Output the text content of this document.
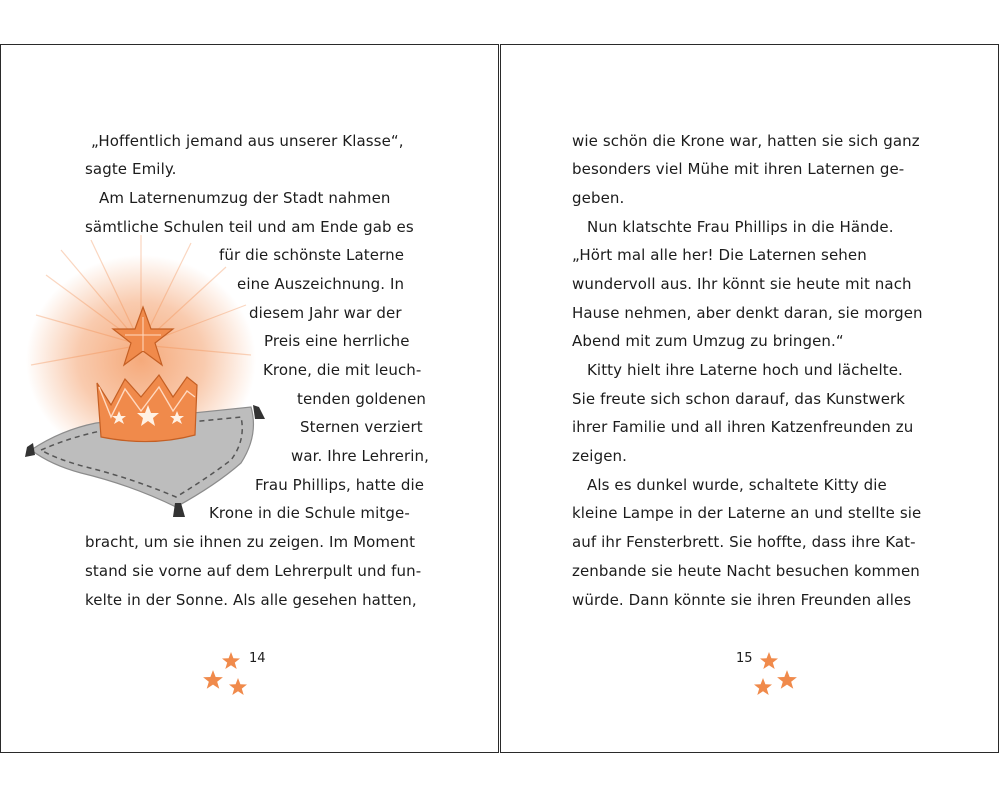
„Hoffentlich jemand aus unserer Klasse“,
sagte Emily.
Am Laternenumzug der Stadt nahmen
sämtliche Schulen teil und am Ende gab es
für die schönste Laterne
eine Auszeichnung. In
diesem Jahr war der
Preis eine herrliche
Krone, die mit leuch-
tenden goldenen
Sternen verziert
war. Ihre Lehrerin,
Frau Phillips, hatte die
Krone in die Schule mitge-
bracht, um sie ihnen zu zeigen. Im Moment
stand sie vorne auf dem Lehrerpult und fun-
kelte in der Sonne. Als alle gesehen hatten,
14
wie schön die Krone war, hatten sie sich ganz
besonders viel Mühe mit ihren Laternen ge-
geben.
Nun klatschte Frau Phillips in die Hände.
„Hört mal alle her! Die Laternen sehen
wundervoll aus. Ihr könnt sie heute mit nach
Hause nehmen, aber denkt daran, sie morgen
Abend mit zum Umzug zu bringen.“
Kitty hielt ihre Laterne hoch und lächelte.
Sie freute sich schon darauf, das Kunstwerk
ihrer Familie und all ihren Katzenfreunden zu
zeigen.
Als es dunkel wurde, schaltete Kitty die
kleine Lampe in der Laterne an und stellte sie
auf ihr Fensterbrett. Sie hoffte, dass ihre Kat-
zenbande sie heute Nacht besuchen kommen
würde. Dann könnte sie ihren Freunden alles
15
